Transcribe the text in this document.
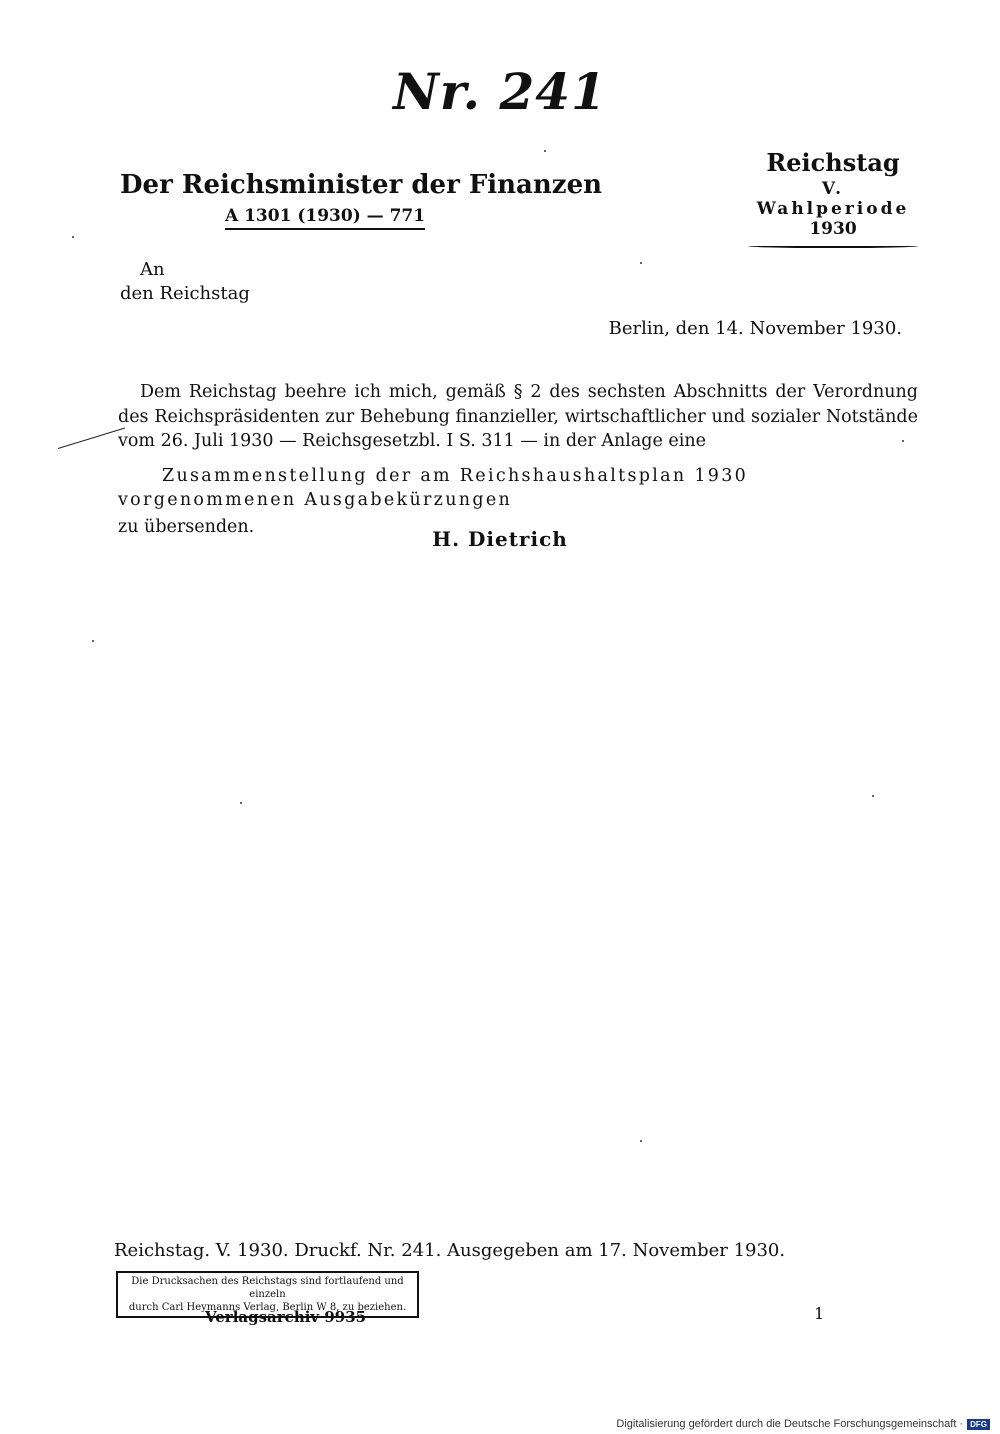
Nr. 241
Der Reichsminister der Finanzen
A 1301 (1930) — 771
Reichstag
V. Wahlperiode
1930
An
den Reichstag
Berlin, den 14. November 1930.
Dem Reichstag beehre ich mich, gemäß § 2 des sechsten Abschnitts der Verordnung des Reichspräsidenten zur Behebung finanzieller, wirtschaftlicher und sozialer Notstände vom 26. Juli 1930 — Reichsgesetzbl. I S. 311 — in der Anlage eine
Zusammenstellung der am Reichshaushaltsplan 1930 vorgenommenen Ausgabekürzungen
zu übersenden.
H. Dietrich
Reichstag. V. 1930. Druckf. Nr. 241. Ausgegeben am 17. November 1930.
Die Drucksachen des Reichstags sind fortlaufend und einzeln
durch Carl Heymanns Verlag, Berlin W 8, zu beziehen.
Verlagsarchiv 9935	1
Digitalisierung gefördert durch die Deutsche Forschungsgemeinschaft · DFG
